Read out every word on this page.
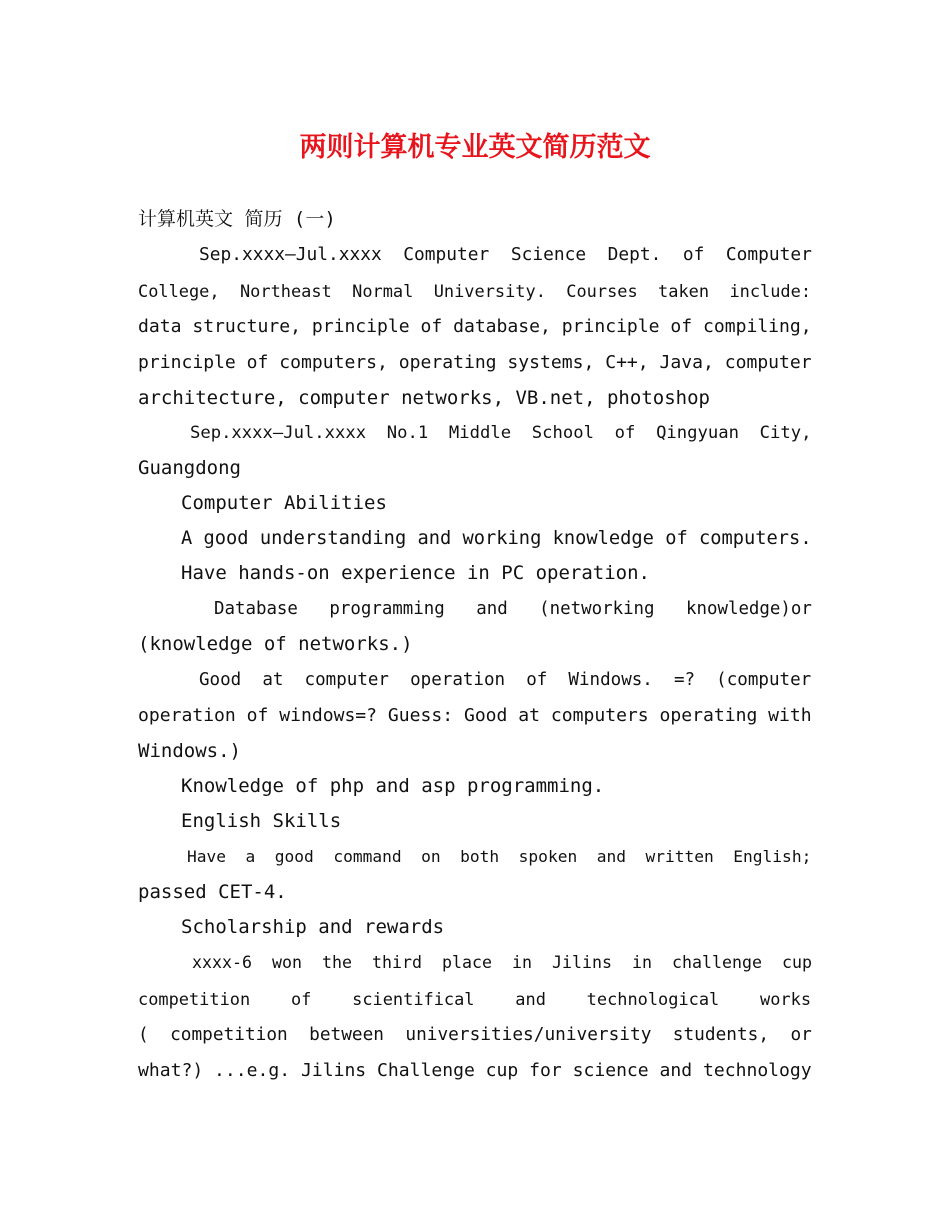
两则计算机专业英文简历范文
计算机英文 简历 (一)
Sep.xxxx—Jul.xxxx  Computer  Science  Dept.  of  Computer
College,  Northeast  Normal  University.  Courses  taken  include:
data structure, principle of database, principle of compiling,
principle of computers, operating systems, C++, Java, computer
architecture, computer networks, VB.net, photoshop
Sep.xxxx—Jul.xxxx  No.1  Middle  School  of  Qingyuan  City,
Guangdong
Computer Abilities
A good understanding and working knowledge of computers.
Have hands-on experience in PC operation.
Database   programming   and   (networking   knowledge)or
(knowledge of networks.)
Good  at  computer  operation  of  Windows.  =?  (computer
operation of windows=? Guess: Good at computers operating with
Windows.)
Knowledge of php and asp programming.
English Skills
Have  a  good  command  on  both  spoken  and  written  English;
passed CET-4.
Scholarship and rewards
xxxx-6  won  the  third  place  in  Jilins  in  challenge  cup
competition    of    scientifical    and    technological    works
(  competition  between  universities/university  students,  or
what?) ...e.g. Jilins Challenge cup for science and technology
